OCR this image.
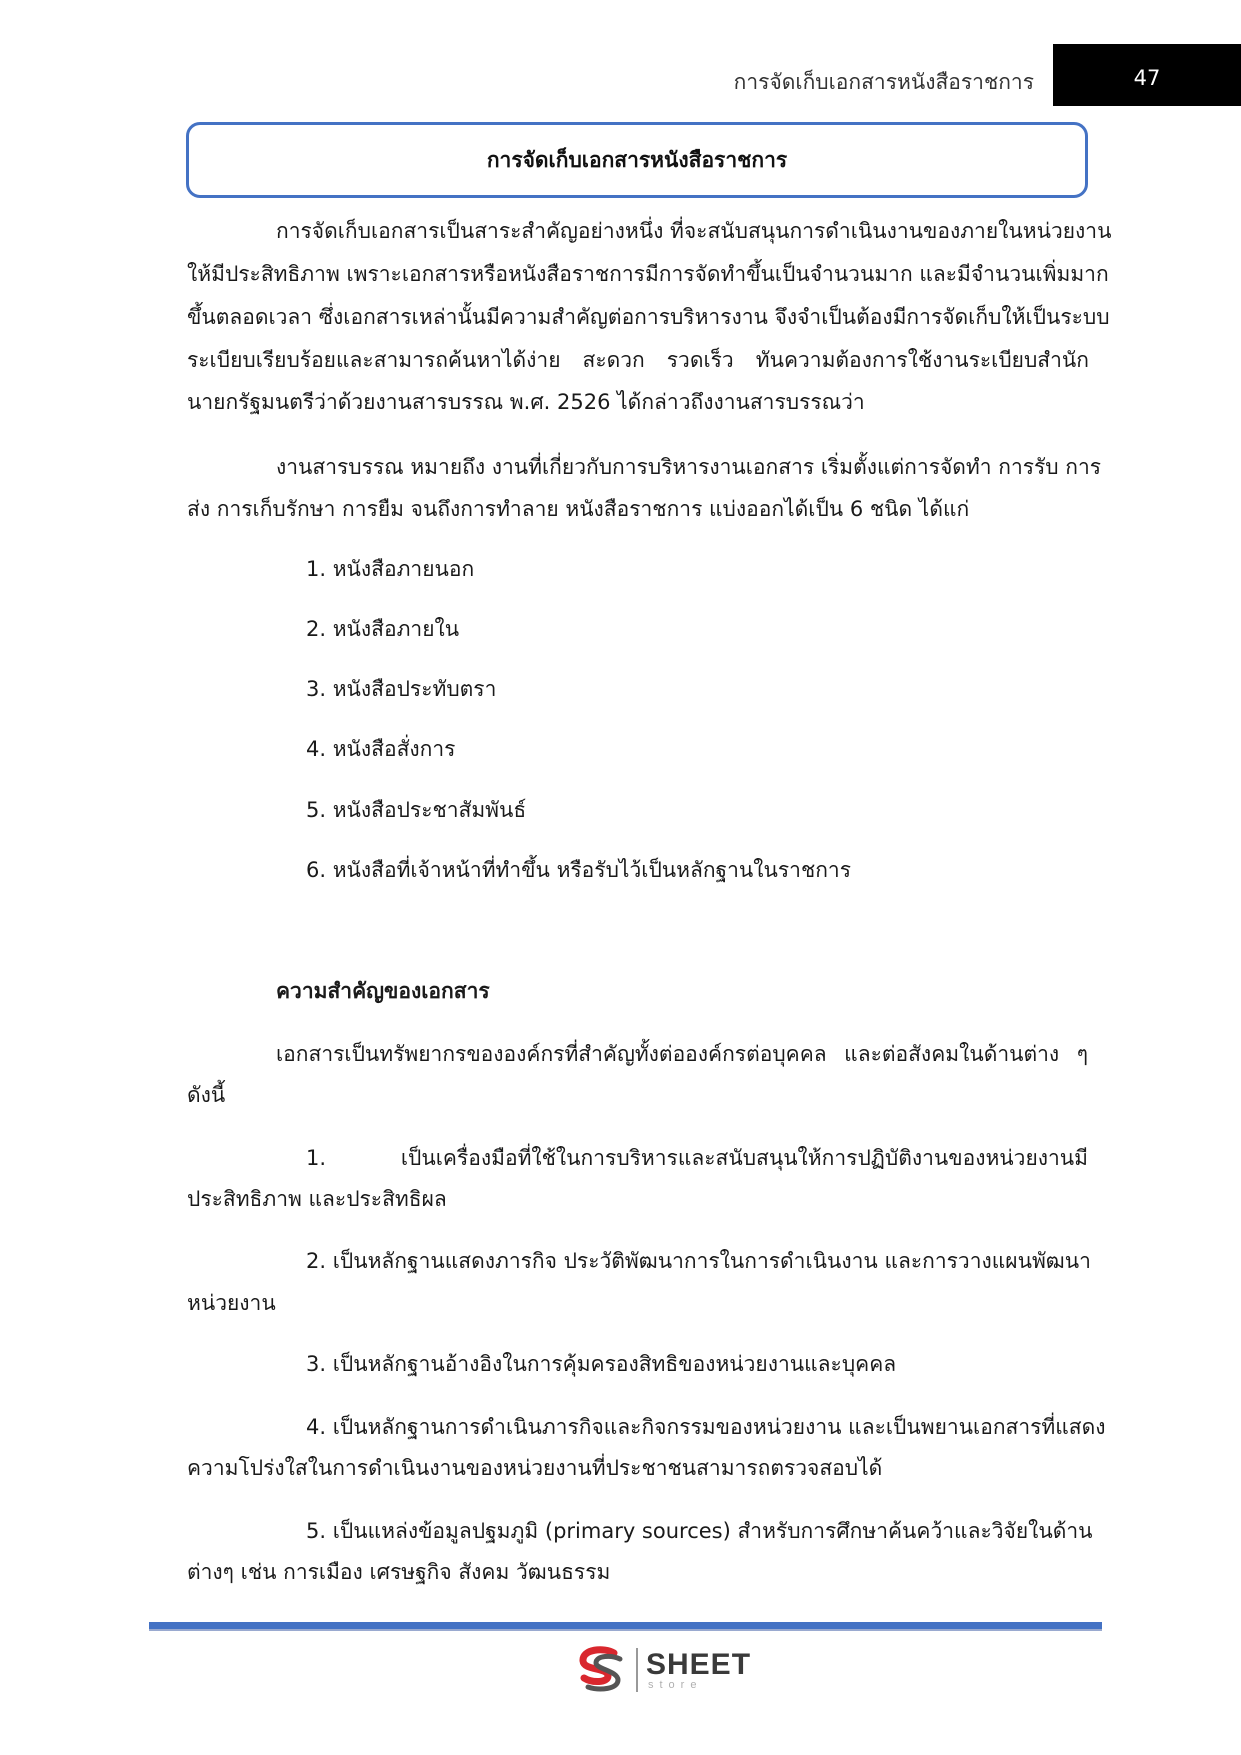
การจัดเก็บเอกสารหนังสือราชการ	47
การจัดเก็บเอกสารหนังสือราชการ
การจัดเก็บเอกสารเป็นสาระสำคัญอย่างหนึ่ง ที่จะสนับสนุนการดำเนินงานของภายในหน่วยงาน
ให้มีประสิทธิภาพ เพราะเอกสารหรือหนังสือราชการมีการจัดทำขึ้นเป็นจำนวนมาก และมีจำนวนเพิ่มมาก
ขึ้นตลอดเวลา ซึ่งเอกสารเหล่านั้นมีความสำคัญต่อการบริหารงาน จึงจำเป็นต้องมีการจัดเก็บให้เป็นระบบ
ระเบียบเรียบร้อยและสามารถค้นหาได้ง่าย สะดวก รวดเร็ว ทันความต้องการใช้งานระเบียบสำนัก
นายกรัฐมนตรีว่าด้วยงานสารบรรณ พ.ศ. 2526 ได้กล่าวถึงงานสารบรรณว่า
งานสารบรรณ หมายถึง งานที่เกี่ยวกับการบริหารงานเอกสาร เริ่มตั้งแต่การจัดทำ การรับ การ
ส่ง การเก็บรักษา การยืม จนถึงการทำลาย หนังสือราชการ แบ่งออกได้เป็น 6 ชนิด ได้แก่
1. หนังสือภายนอก
2. หนังสือภายใน
3. หนังสือประทับตรา
4. หนังสือสั่งการ
5. หนังสือประชาสัมพันธ์
6. หนังสือที่เจ้าหน้าที่ทำขึ้น หรือรับไว้เป็นหลักฐานในราชการ
ความสำคัญของเอกสาร
เอกสารเป็นทรัพยากรขององค์กรที่สำคัญทั้งต่อองค์กรต่อบุคคล และต่อสังคมในด้านต่าง ๆ
ดังนี้
1. เป็นเครื่องมือที่ใช้ในการบริหารและสนับสนุนให้การปฏิบัติงานของหน่วยงานมี
ประสิทธิภาพ และประสิทธิผล
2. เป็นหลักฐานแสดงภารกิจ ประวัติพัฒนาการในการดำเนินงาน และการวางแผนพัฒนา
หน่วยงาน
3. เป็นหลักฐานอ้างอิงในการคุ้มครองสิทธิของหน่วยงานและบุคคล
4. เป็นหลักฐานการดำเนินภารกิจและกิจกรรมของหน่วยงาน และเป็นพยานเอกสารที่แสดง
ความโปร่งใสในการดำเนินงานของหน่วยงานที่ประชาชนสามารถตรวจสอบได้
5. เป็นแหล่งข้อมูลปฐมภูมิ (primary sources) สำหรับการศึกษาค้นคว้าและวิจัยในด้าน
ต่างๆ เช่น การเมือง เศรษฐกิจ สังคม วัฒนธรรม
SHEET
store
